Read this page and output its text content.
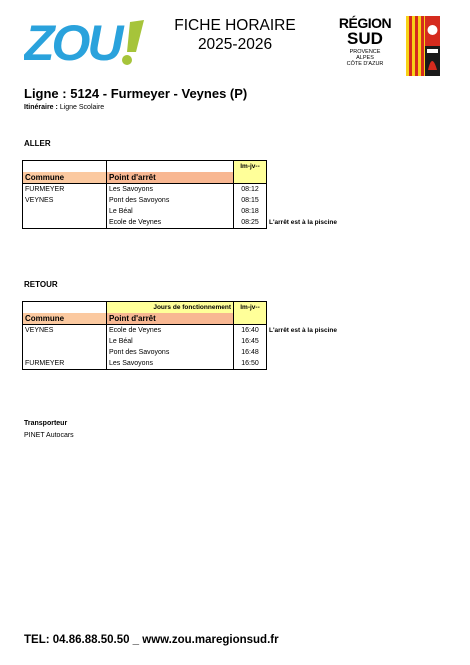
ZOU	FICHE HORAIRE
2025-2026
RÉGION
SUD
PROVENCE
ALPES
CÔTE D'AZUR
Ligne : 5124 - Furmeyer - Veynes (P)
Itinéraire : Ligne Scolaire
ALLER
		lm-jv--	
Commune	Point d'arrêt		
FURMEYER	Les Savoyons	08:12	
VEYNES	Pont des Savoyons	08:15	
	Le Béal	08:18	
	Ecole de Veynes	08:25	L'arrêt est à la piscine
RETOUR
	Jours de fonctionnement	lm-jv--	
Commune	Point d'arrêt		
VEYNES	Ecole de Veynes	16:40	L'arrêt est à la piscine
	Le Béal	16:45	
	Pont des Savoyons	16:48	
FURMEYER	Les Savoyons	16:50	
Transporteur
PINET Autocars
TEL: 04.86.88.50.50 _ www.zou.maregionsud.fr
